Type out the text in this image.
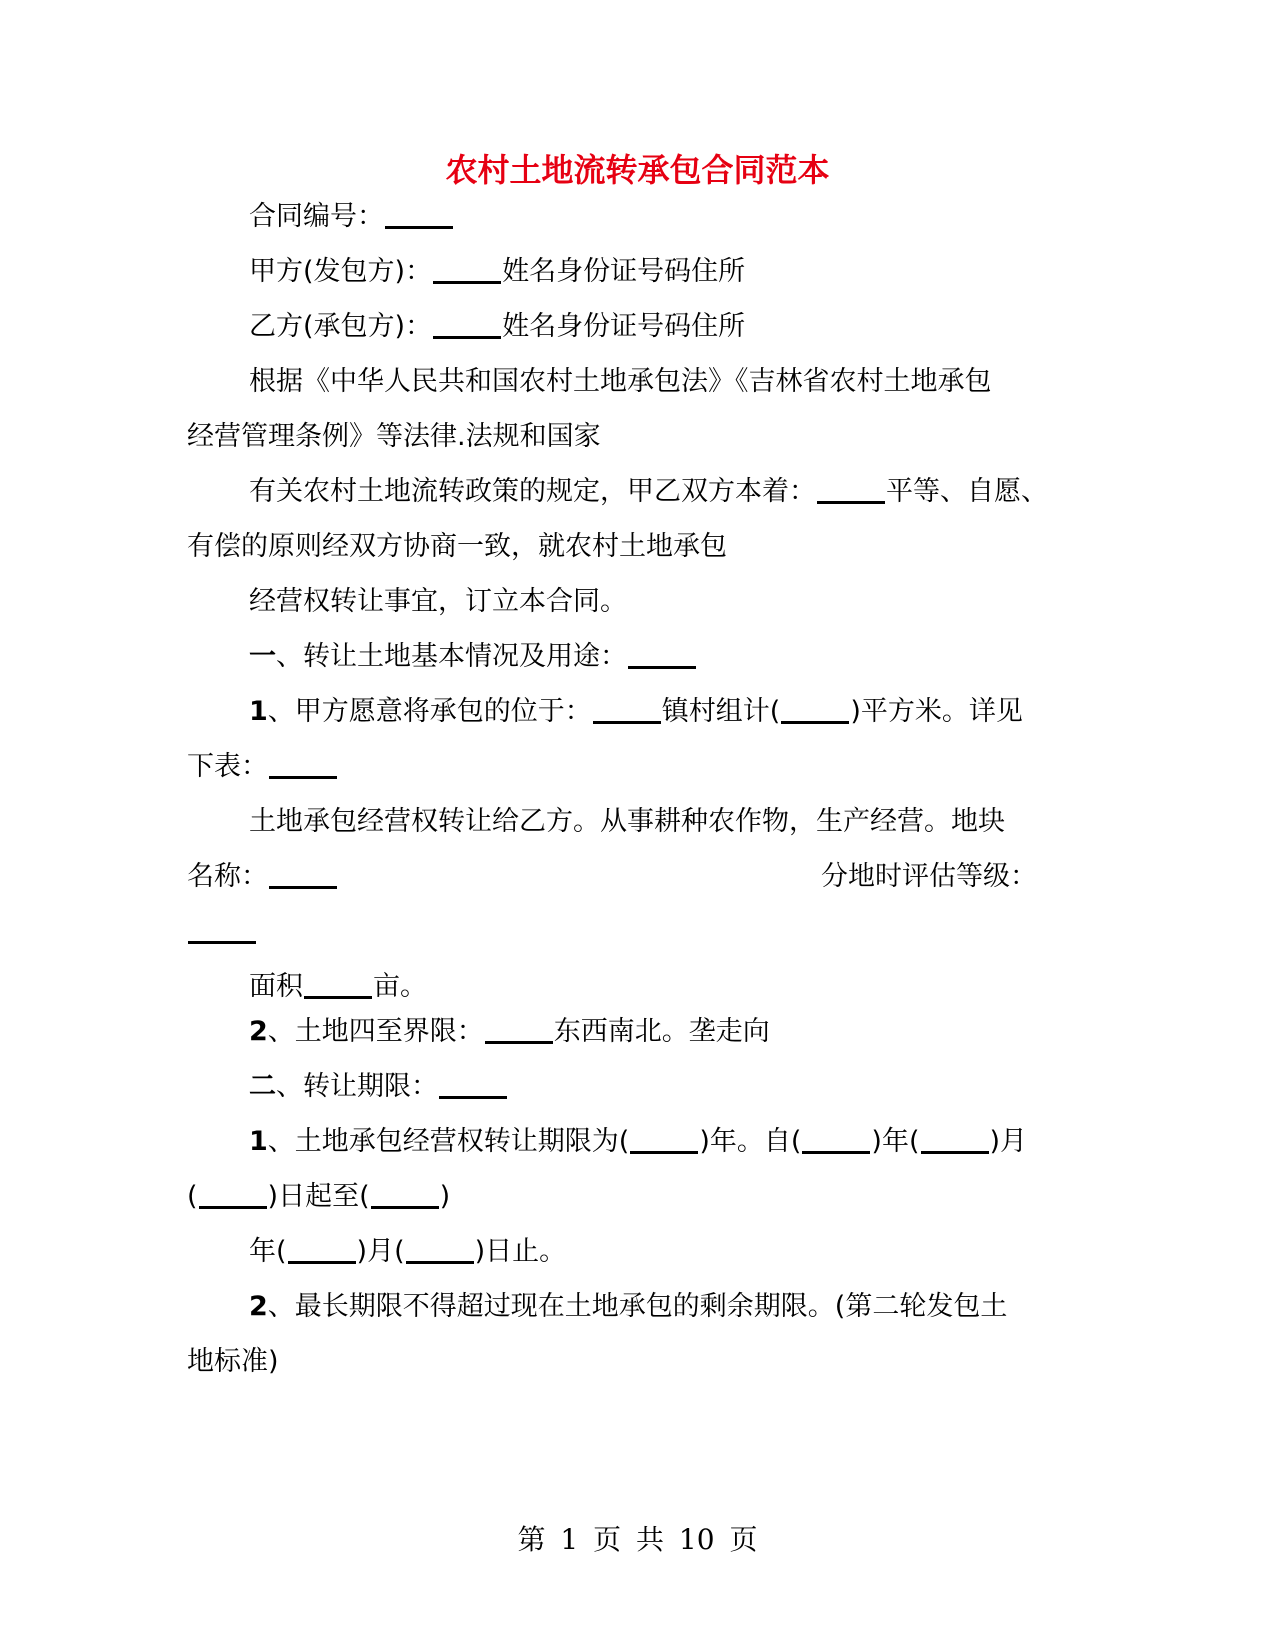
农村土地流转承包合同范本
合同编号：
甲方(发包方)：	姓名身份证号码住所
乙方(承包方)：	姓名身份证号码住所
根据《中华人民共和国农村土地承包法》《吉林省农村土地承包
经营管理条例》等法律.法规和国家
有关农村土地流转政策的规定，甲乙双方本着：	平等、自愿、
有偿的原则经双方协商一致，就农村土地承包
经营权转让事宜，订立本合同。
一、转让土地基本情况及用途：
1、甲方愿意将承包的位于：	镇村组计(	)平方米。详见
下表：
土地承包经营权转让给乙方。从事耕种农作物，生产经营。地块
名称：	分地时评估等级：
面积	亩。
2、土地四至界限：	东西南北。垄走向
二、转让期限：
1、土地承包经营权转让期限为(	)年。自(	)年(	)月
(	)日起至(	)
年(	)月(	)日止。
2、最长期限不得超过现在土地承包的剩余期限。(第二轮发包土
地标准)
第 1 页 共 10 页
